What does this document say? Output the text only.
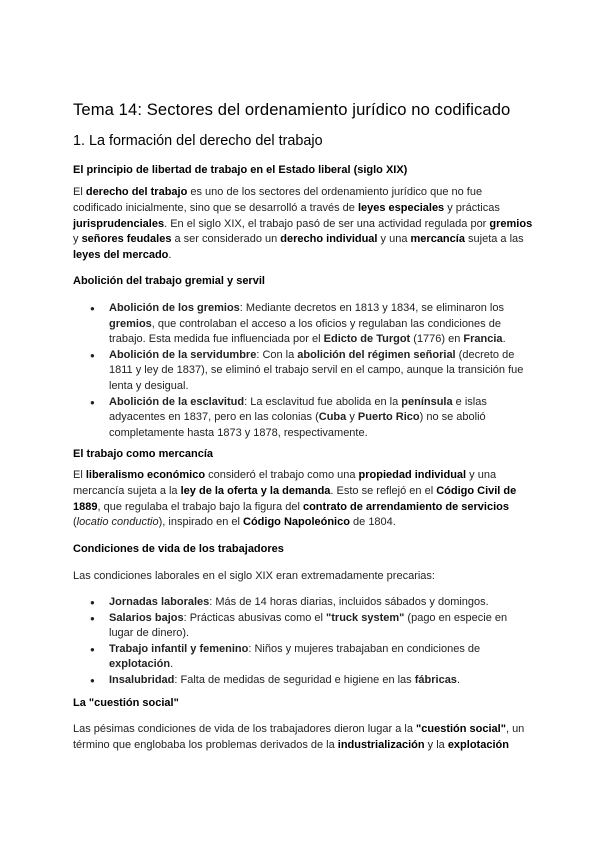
Tema 14: Sectores del ordenamiento jurídico no codificado
1. La formación del derecho del trabajo
El principio de libertad de trabajo en el Estado liberal (siglo XIX)

El derecho del trabajo es uno de los sectores del ordenamiento jurídico que no fue codificado inicialmente, sino que se desarrolló a través de leyes especiales y prácticas jurisprudenciales. En el siglo XIX, el trabajo pasó de ser una actividad regulada por gremios y señores feudales a ser considerado un derecho individual y una mercancía sujeta a las leyes del mercado.

Abolición del trabajo gremial y servil
● Abolición de los gremios: Mediante decretos en 1813 y 1834, se eliminaron los gremios, que controlaban el acceso a los oficios y regulaban las condiciones de trabajo. Esta medida fue influenciada por el Edicto de Turgot (1776) en Francia.
● Abolición de la servidumbre: Con la abolición del régimen señorial (decreto de 1811 y ley de 1837), se eliminó el trabajo servil en el campo, aunque la transición fue lenta y desigual.
● Abolición de la esclavitud: La esclavitud fue abolida en la península e islas adyacentes en 1837, pero en las colonias (Cuba y Puerto Rico) no se abolió completamente hasta 1873 y 1878, respectivamente.
El trabajo como mercancía

El liberalismo económico consideró el trabajo como una propiedad individual y una mercancía sujeta a la ley de la oferta y la demanda. Esto se reflejó en el Código Civil de 1889, que regulaba el trabajo bajo la figura del contrato de arrendamiento de servicios (locatio conductio), inspirado en el Código Napoleónico de 1804.

Condiciones de vida de los trabajadores

Las condiciones laborales en el siglo XIX eran extremadamente precarias:

● Jornadas laborales: Más de 14 horas diarias, incluidos sábados y domingos.
● Salarios bajos: Prácticas abusivas como el "truck system" (pago en especie en lugar de dinero).
● Trabajo infantil y femenino: Niños y mujeres trabajaban en condiciones de explotación.
● Insalubridad: Falta de medidas de seguridad e higiene en las fábricas.
La "cuestión social"

Las pésimas condiciones de vida de los trabajadores dieron lugar a la "cuestión social", un término que englobaba los problemas derivados de la industrialización y la explotación
